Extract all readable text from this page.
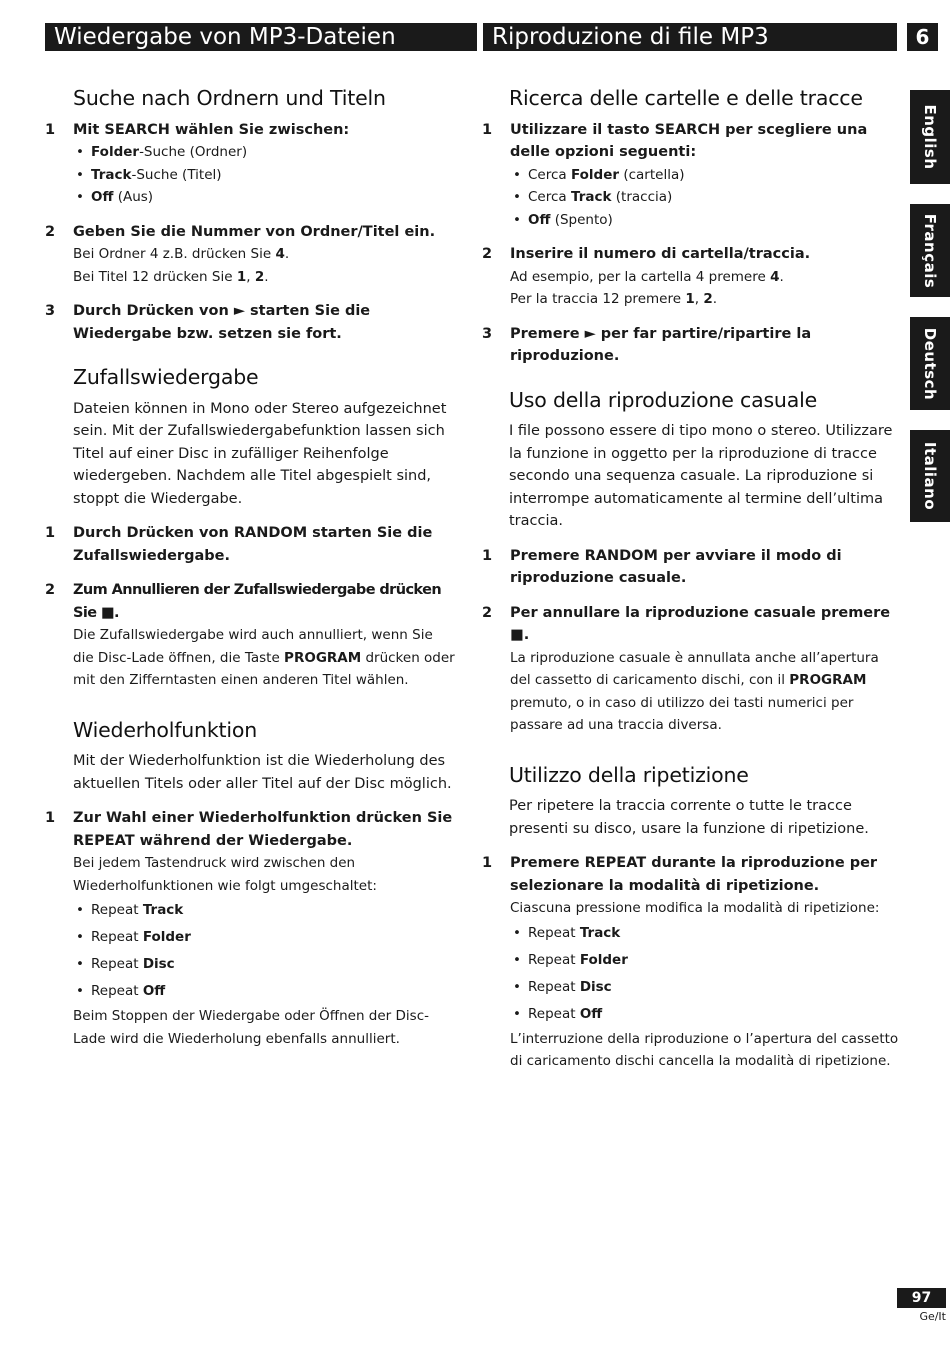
Wiedergabe von MP3-Dateien	Riproduzione di file MP3	6
English
Français
Deutsch
Italiano
Suche nach Ordnern und Titeln
1 Mit SEARCH wählen Sie zwischen:
• Folder-Suche (Ordner)
• Track-Suche (Titel)
• Off (Aus)
2 Geben Sie die Nummer von Ordner/Titel ein.
Bei Ordner 4 z.B. drücken Sie 4.
Bei Titel 12 drücken Sie 1, 2.
3 Durch Drücken von ► starten Sie die Wiedergabe bzw. setzen sie fort.
Zufallswiedergabe

Dateien können in Mono oder Stereo aufgezeichnet sein. Mit der Zufallswiedergabefunktion lassen sich Titel auf einer Disc in zufälliger Reihenfolge wiedergeben. Nachdem alle Titel abgespielt sind, stoppt die Wiedergabe.

1 Durch Drücken von RANDOM starten Sie die Zufallswiedergabe.
2 Zum Annullieren der Zufallswiedergabe drücken Sie ■.
Die Zufallswiedergabe wird auch annulliert, wenn Sie die Disc-Lade öffnen, die Taste PROGRAM drücken oder mit den Zifferntasten einen anderen Titel wählen.
Wiederholfunktion

Mit der Wiederholfunktion ist die Wiederholung des aktuellen Titels oder aller Titel auf der Disc möglich.

1 Zur Wahl einer Wiederholfunktion drücken Sie REPEAT während der Wiedergabe.
Bei jedem Tastendruck wird zwischen den Wiederholfunktionen wie folgt umgeschaltet:
• Repeat Track
• Repeat Folder
• Repeat Disc
• Repeat Off
Beim Stoppen der Wiedergabe oder Öffnen der Disc-Lade wird die Wiederholung ebenfalls annulliert.
Ricerca delle cartelle e delle tracce
1 Utilizzare il tasto SEARCH per scegliere una delle opzioni seguenti:
• Cerca Folder (cartella)
• Cerca Track (traccia)
• Off (Spento)
2 Inserire il numero di cartella/traccia.
Ad esempio, per la cartella 4 premere 4.
Per la traccia 12 premere 1, 2.
3 Premere ► per far partire/ripartire la riproduzione.
Uso della riproduzione casuale

I file possono essere di tipo mono o stereo. Utilizzare la funzione in oggetto per la riproduzione di tracce secondo una sequenza casuale. La riproduzione si interrompe automaticamente al termine dell’ultima traccia.

1 Premere RANDOM per avviare il modo di riproduzione casuale.
2 Per annullare la riproduzione casuale premere ■.
La riproduzione casuale è annullata anche all’apertura del cassetto di caricamento dischi, con il PROGRAM premuto, o in caso di utilizzo dei tasti numerici per passare ad una traccia diversa.
Utilizzo della ripetizione

Per ripetere la traccia corrente o tutte le tracce presenti su disco, usare la funzione di ripetizione.

1 Premere REPEAT durante la riproduzione per selezionare la modalità di ripetizione.
Ciascuna pressione modifica la modalità di ripetizione:
• Repeat Track
• Repeat Folder
• Repeat Disc
• Repeat Off
L’interruzione della riproduzione o l’apertura del cassetto di caricamento dischi cancella la modalità di ripetizione.
97
Ge/It
